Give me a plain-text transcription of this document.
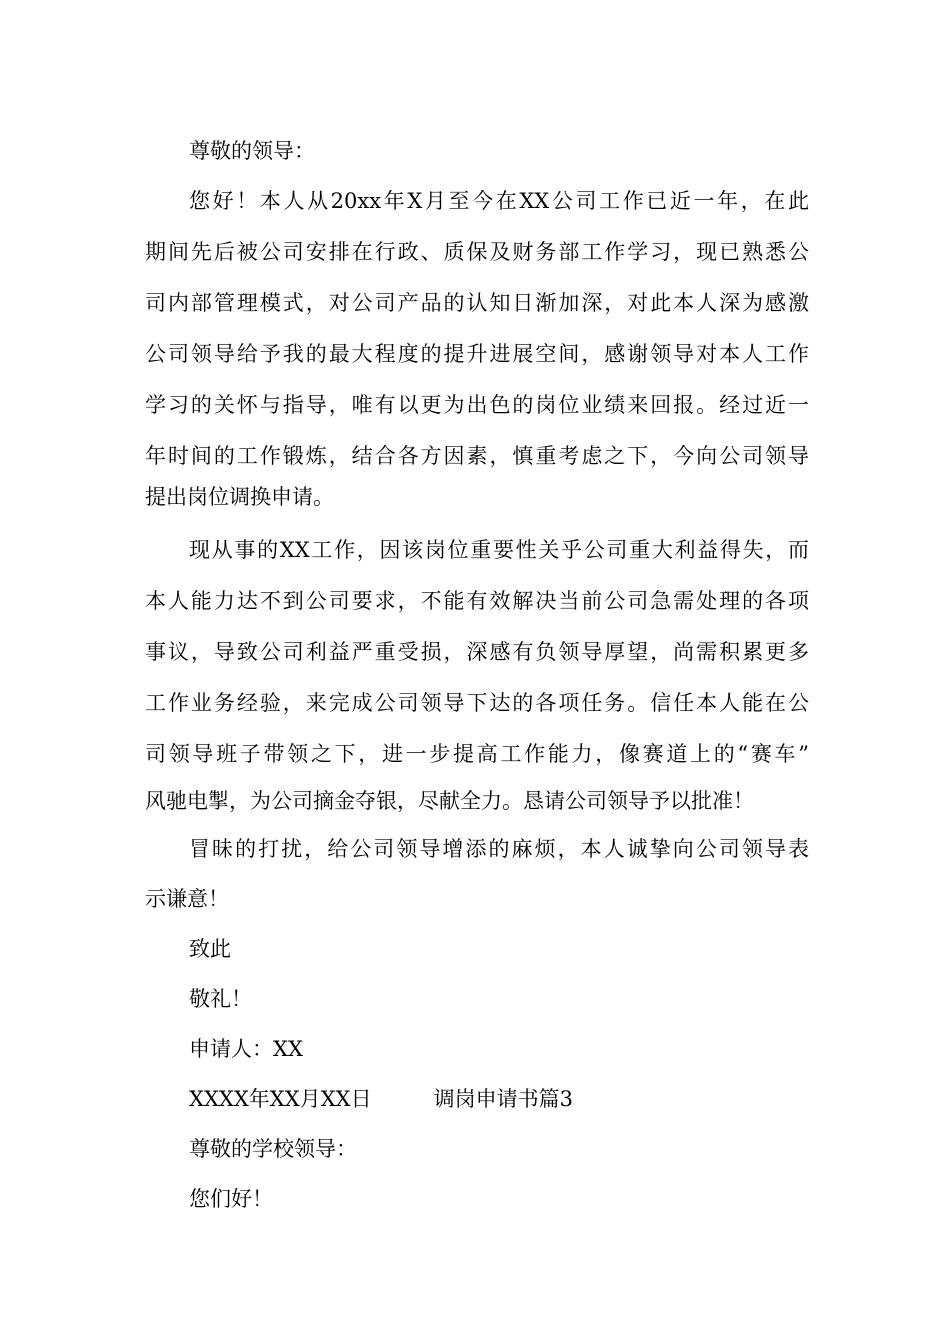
尊敬的领导：
您好！本人从20xx年X月至今在XX公司工作已近一年，在此
期间先后被公司安排在行政、质保及财务部工作学习，现已熟悉公
司内部管理模式，对公司产品的认知日渐加深，对此本人深为感激
公司领导给予我的最大程度的提升进展空间，感谢领导对本人工作
学习的关怀与指导，唯有以更为出色的岗位业绩来回报。经过近一
年时间的工作锻炼，结合各方因素，慎重考虑之下，今向公司领导
提出岗位调换申请。
现从事的XX工作，因该岗位重要性关乎公司重大利益得失，而
本人能力达不到公司要求，不能有效解决当前公司急需处理的各项
事议，导致公司利益严重受损，深感有负领导厚望，尚需积累更多
工作业务经验，来完成公司领导下达的各项任务。信任本人能在公
司领导班子带领之下，进一步提高工作能力，像赛道上的“赛车”
风驰电掣，为公司摘金夺银，尽献全力。恳请公司领导予以批准！
冒昧的打扰，给公司领导增添的麻烦，本人诚挚向公司领导表
示谦意！
致此
敬礼！
申请人：XX
XXXX年XX月XX日	调岗申请书篇3
尊敬的学校领导：
您们好！
